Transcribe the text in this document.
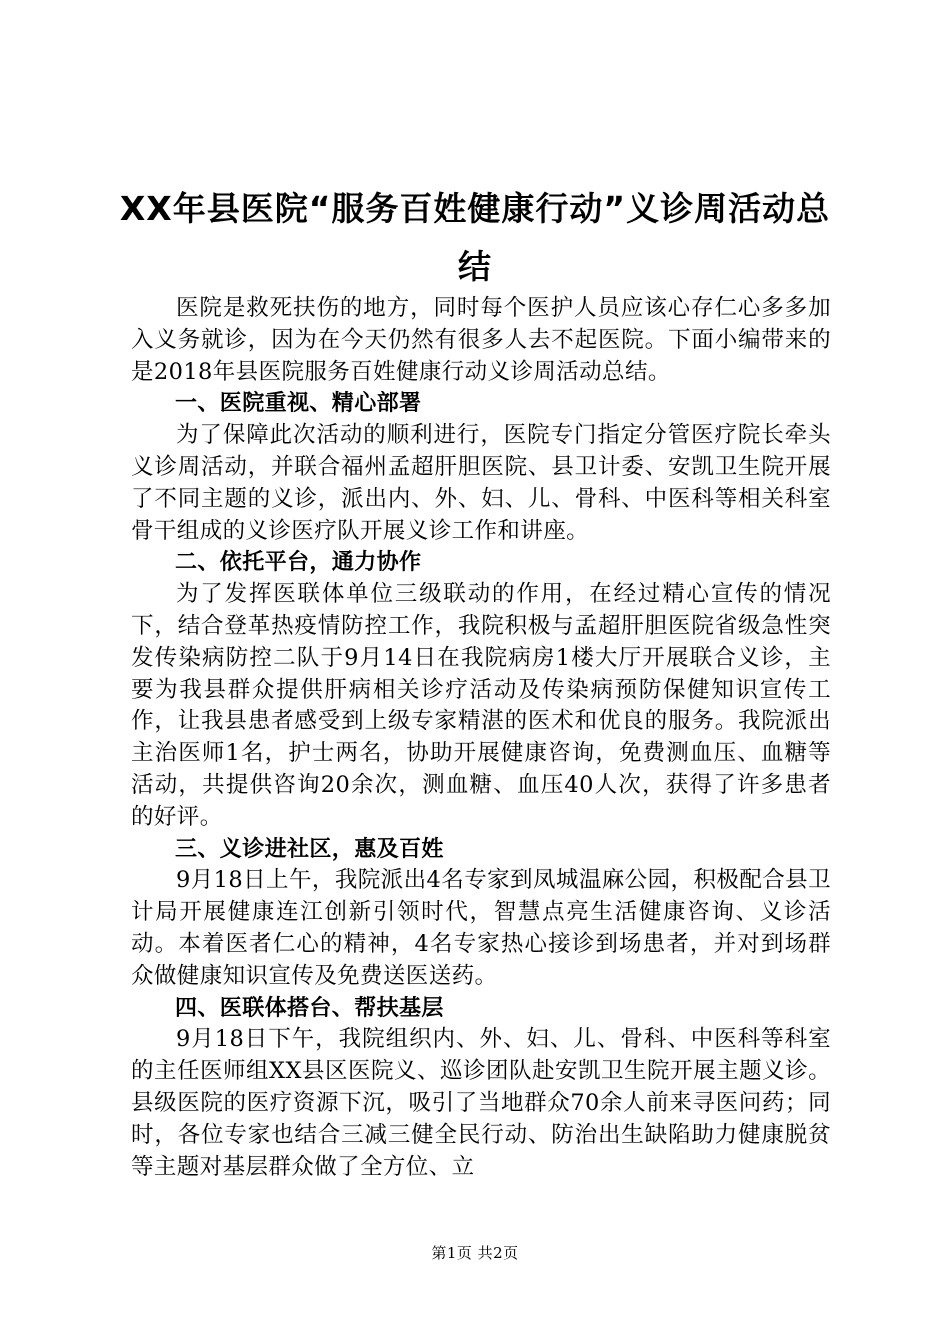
XX年县医院“服务百姓健康行动”义诊周活动总结

医院是救死扶伤的地方，同时每个医护人员应该心存仁心多多加入义务就诊，因为在今天仍然有很多人去不起医院。下面小编带来的是2018年县医院服务百姓健康行动义诊周活动总结。

一、医院重视、精心部署

为了保障此次活动的顺利进行，医院专门指定分管医疗院长牵头义诊周活动，并联合福州孟超肝胆医院、县卫计委、安凯卫生院开展了不同主题的义诊，派出内、外、妇、儿、骨科、中医科等相关科室骨干组成的义诊医疗队开展义诊工作和讲座。

二、依托平台，通力协作

为了发挥医联体单位三级联动的作用，在经过精心宣传的情况下，结合登革热疫情防控工作，我院积极与孟超肝胆医院省级急性突发传染病防控二队于9月14日在我院病房1楼大厅开展联合义诊，主要为我县群众提供肝病相关诊疗活动及传染病预防保健知识宣传工作，让我县患者感受到上级专家精湛的医术和优良的服务。我院派出主治医师1名，护士两名，协助开展健康咨询，免费测血压、血糖等活动，共提供咨询20余次，测血糖、血压40人次，获得了许多患者的好评。

三、义诊进社区，惠及百姓

9月18日上午，我院派出4名专家到凤城温麻公园，积极配合县卫计局开展健康连江创新引领时代，智慧点亮生活健康咨询、义诊活动。本着医者仁心的精神，4名专家热心接诊到场患者，并对到场群众做健康知识宣传及免费送医送药。

四、医联体搭台、帮扶基层

9月18日下午，我院组织内、外、妇、儿、骨科、中医科等科室的主任医师组XX县区医院义、巡诊团队赴安凯卫生院开展主题义诊。县级医院的医疗资源下沉，吸引了当地群众70余人前来寻医问药；同时，各位专家也结合三减三健全民行动、防治出生缺陷助力健康脱贫等主题对基层群众做了全方位、立

第1页 共2页
